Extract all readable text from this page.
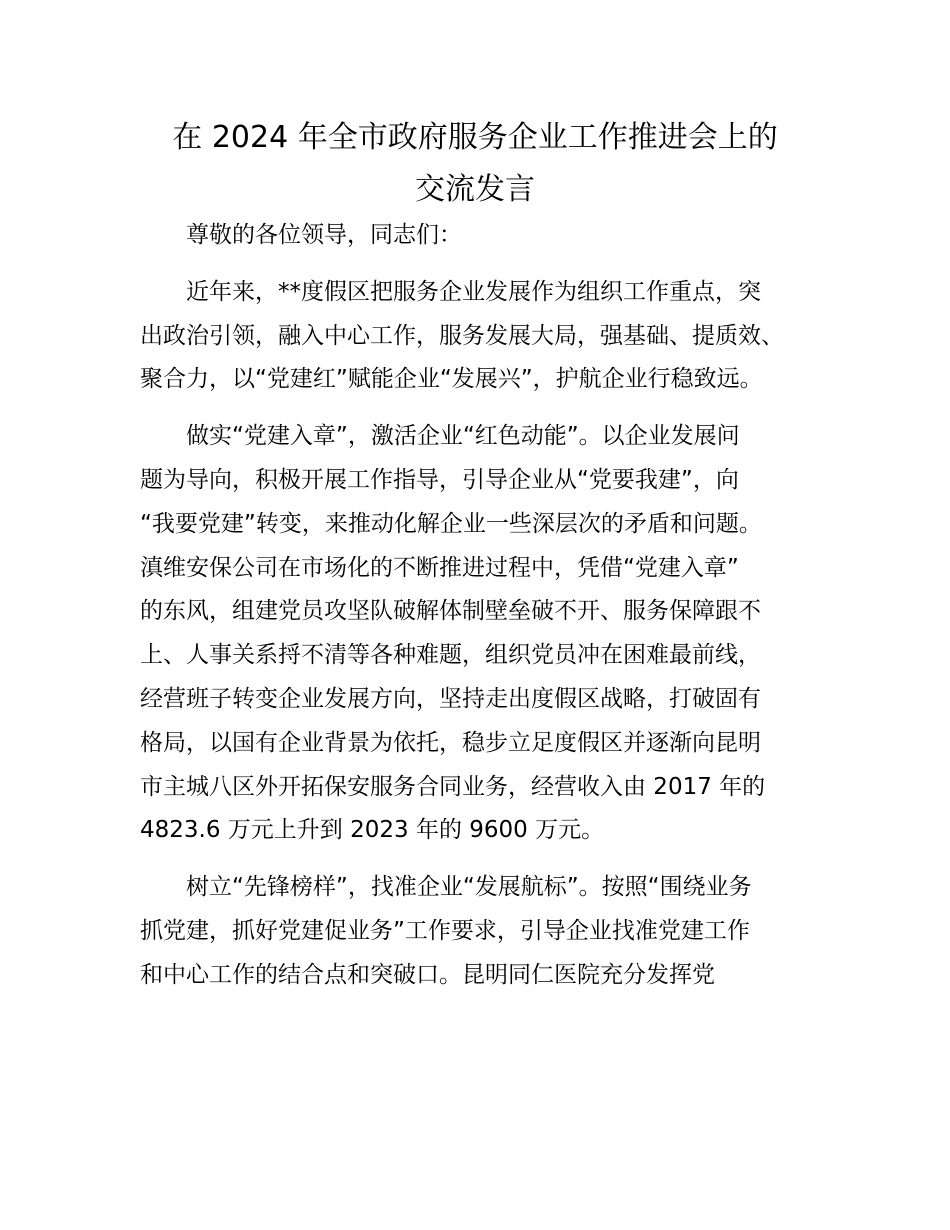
在 2024 年全市政府服务企业工作推进会上的
交流发言
尊敬的各位领导，同志们：
近年来，**度假区把服务企业发展作为组织工作重点，突
出政治引领，融入中心工作，服务发展大局，强基础、提质效、
聚合力，以“党建红”赋能企业“发展兴”，护航企业行稳致远。
做实“党建入章”，激活企业“红色动能”。以企业发展问
题为导向，积极开展工作指导，引导企业从“党要我建”，向
“我要党建”转变，来推动化解企业一些深层次的矛盾和问题。
滇维安保公司在市场化的不断推进过程中，凭借“党建入章”
的东风，组建党员攻坚队破解体制壁垒破不开、服务保障跟不
上、人事关系捋不清等各种难题，组织党员冲在困难最前线，
经营班子转变企业发展方向，坚持走出度假区战略，打破固有
格局，以国有企业背景为依托，稳步立足度假区并逐渐向昆明
市主城八区外开拓保安服务合同业务，经营收入由 2017 年的
4823.6 万元上升到 2023 年的 9600 万元。
树立“先锋榜样”，找准企业“发展航标”。按照“围绕业务
抓党建，抓好党建促业务”工作要求，引导企业找准党建工作
和中心工作的结合点和突破口。昆明同仁医院充分发挥党
